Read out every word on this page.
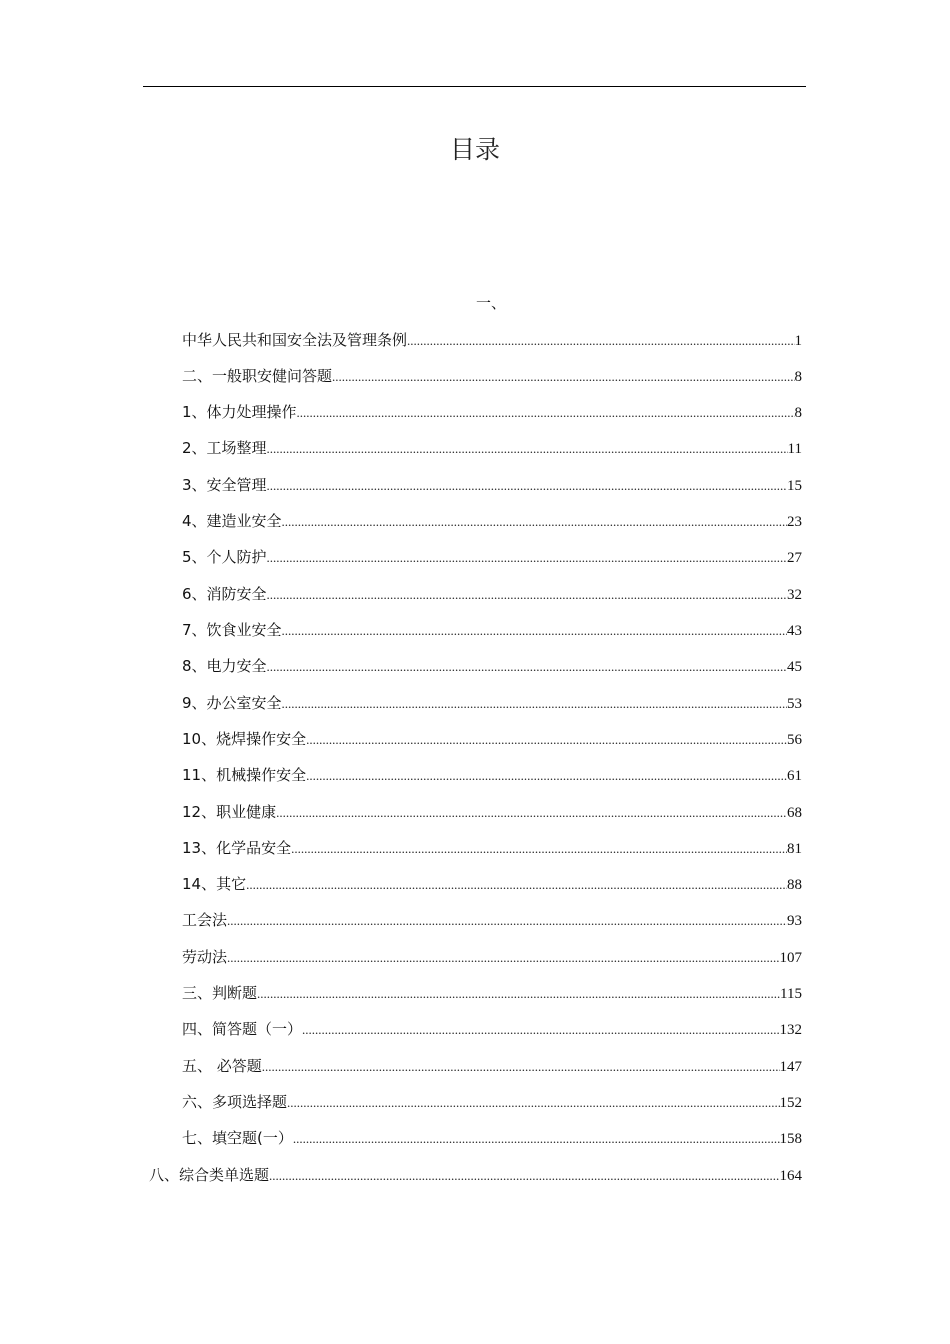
目录
一、
中华人民共和国安全法及管理条例 .....	1
二、一般职安健问答题 .....	8
1、体力处理操作 .....	8
2、工场整理 .....	11
3、安全管理 .....	15
4、建造业安全 .....	23
5、个人防护 .....	27
6、消防安全 .....	32
7、饮食业安全 .....	43
8、电力安全 .....	45
9、办公室安全 .....	53
10、烧焊操作安全 .....	56
11、机械操作安全 .....	61
12、职业健康 .....	68
13、化学品安全 .....	81
14、其它 .....	88
工会法 .....	93
劳动法 .....	107
三、判断题 .....	115
四、简答题（一） .....	132
五、 必答题 .....	147
六、多项选择题 .....	152
七、填空题(一） .....	158
八、综合类单选题 .....	164
